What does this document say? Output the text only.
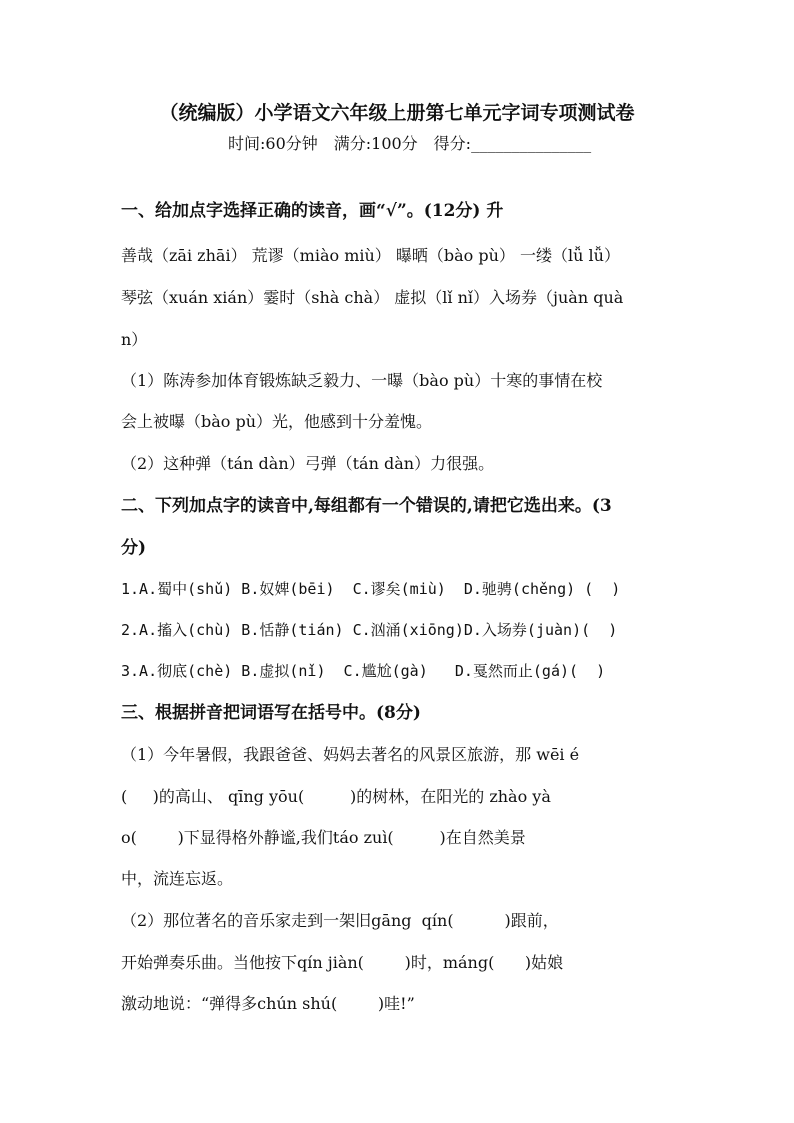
（统编版）小学语文六年级上册第七单元字词专项测试卷
时间:60分钟　满分:100分　得分:_______________
一、给加点字选择正确的读音，画“√”。(12分) 升
善哉（zāi zhāi） 荒谬（miào miù） 曝晒（bào pù） 一缕（lǚ lǚ）
琴弦（xuán xián）霎时（shà chà） 虚拟（lǐ nǐ）入场券（juàn quà
n）
（1）陈涛参加体育锻炼缺乏毅力、一曝（bào pù）十寒的事情在校
会上被曝（bào pù）光，他感到十分羞愧。
（2）这种弹（tán dàn）弓弹（tán dàn）力很强。
二、下列加点字的读音中,每组都有一个错误的,请把它选出来。(3
分)
1.A.蜀中(shǔ) B.奴婢(bēi)  C.谬矣(miù)  D.驰骋(chěng) (  )
2.A.搐入(chù) B.恬静(tián) C.汹涌(xiōng)D.入场券(juàn)(  )
3.A.彻底(chè) B.虚拟(nǐ)  C.尴尬(gà)   D.戛然而止(gá)(  )
三、根据拼音把词语写在括号中。(8分)
（1）今年暑假，我跟爸爸、妈妈去著名的风景区旅游，那 wēi é
(     )的高山、 qīng yōu(         )的树林，在阳光的 zhào yà
o(        )下显得格外静谧,我们táo zuì(         )在自然美景
中，流连忘返。
（2）那位著名的音乐家走到一架旧gāng  qín(          )跟前，
开始弹奏乐曲。当他按下qín jiàn(        )时，máng(      )姑娘
激动地说：“弹得多chún shú(        )哇!”
